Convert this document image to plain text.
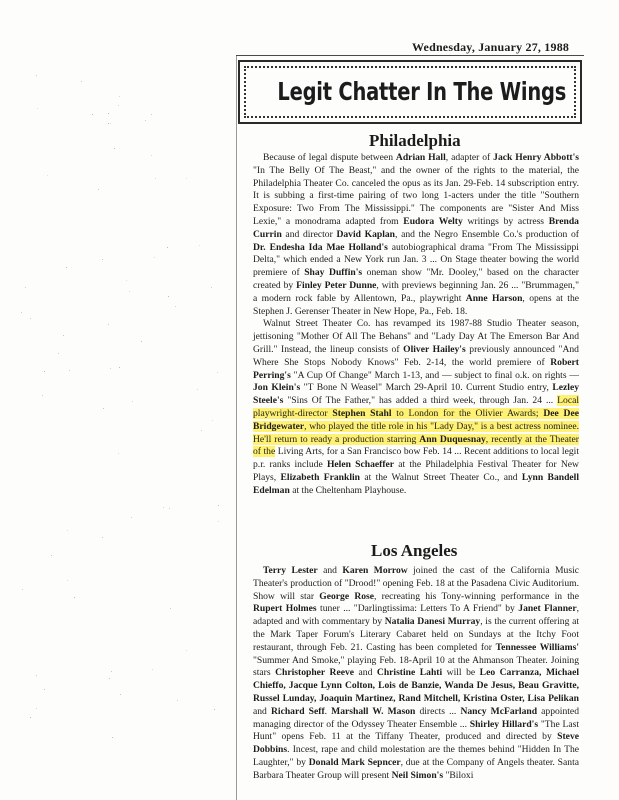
Wednesday, January 27, 1988
Legit Chatter In The Wings
Philadelphia

Because of legal dispute between Adrian Hall, adapter of Jack Henry Abbott's "In The Belly Of The Beast," and the owner of the rights to the material, the Philadelphia Theater Co. canceled the opus as its Jan. 29-Feb. 14 subscription entry. It is subbing a first-time pairing of two long 1-acters under the title "Southern Exposure: Two From The Mississippi." The components are "Sister And Miss Lexie," a monodrama adapted from Eudora Welty writings by actress Brenda Currin and director David Kaplan, and the Negro Ensemble Co.'s production of Dr. Endesha Ida Mae Holland's autobiographical drama "From The Mississippi Delta," which ended a New York run Jan. 3 ... On Stage theater bowing the world premiere of Shay Duffin's oneman show "Mr. Dooley," based on the character created by Finley Peter Dunne, with previews beginning Jan. 26 ... "Brummagen," a modern rock fable by Allentown, Pa., playwright Anne Harson, opens at the Stephen J. Gerenser Theater in New Hope, Pa., Feb. 18.

Walnut Street Theater Co. has revamped its 1987-88 Studio Theater season, jettisoning "Mother Of All The Behans" and "Lady Day At The Emerson Bar And Grill." Instead, the lineup consists of Oliver Hailey's previously announced "And Where She Stops Nobody Knows" Feb. 2-14, the world premiere of Robert Perring's "A Cup Of Change" March 1-13, and — subject to final o.k. on rights — Jon Klein's "T Bone N Weasel" March 29-April 10. Current Studio entry, Lezley Steele's "Sins Of The Father," has added a third week, through Jan. 24 ... Local playwright-director Stephen Stahl to London for the Olivier Awards; Dee Dee Bridgewater, who played the title role in his "Lady Day," is a best actress nominee. He'll return to ready a production starring Ann Duquesnay, recently at the Theater of the Living Arts, for a San Francisco bow Feb. 14 ... Recent additions to local legit p.r. ranks include Helen Schaeffer at the Philadelphia Festival Theater for New Plays, Elizabeth Franklin at the Walnut Street Theater Co., and Lynn Bandell Edelman at the Cheltenham Playhouse.

Los Angeles

Terry Lester and Karen Morrow joined the cast of the California Music Theater's production of "Drood!" opening Feb. 18 at the Pasadena Civic Auditorium. Show will star George Rose, recreating his Tony-winning performance in the Rupert Holmes tuner ... "Darlingtissima: Letters To A Friend" by Janet Flanner, adapted and with commentary by Natalia Danesi Murray, is the current offering at the Mark Taper Forum's Literary Cabaret held on Sundays at the Itchy Foot restaurant, through Feb. 21. Casting has been completed for Tennessee Williams' "Summer And Smoke," playing Feb. 18-April 10 at the Ahmanson Theater. Joining stars Christopher Reeve and Christine Lahti will be Leo Carranza, Michael Chieffo, Jacque Lynn Colton, Lois de Banzie, Wanda De Jesus, Beau Gravitte, Russel Lunday, Joaquin Martinez, Rand Mitchell, Kristina Oster, Lisa Pelikan and Richard Seff. Marshall W. Mason directs ... Nancy McFarland appointed managing director of the Odyssey Theater Ensemble ... Shirley Hillard's "The Last Hunt" opens Feb. 11 at the Tiffany Theater, produced and directed by Steve Dobbins. Incest, rape and child molestation are the themes behind "Hidden In The Laughter," by Donald Mark Sepncer, due at the Company of Angels theater. Santa Barbara Theater Group will present Neil Simon's "Biloxi
